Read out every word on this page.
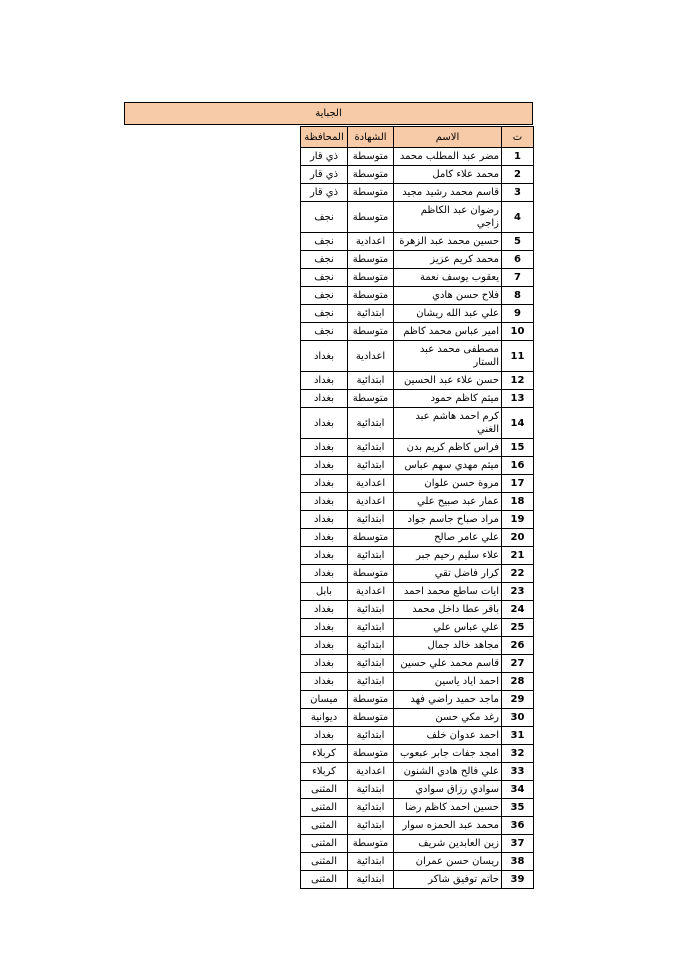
الجباية
ت	الاسم	الشهادة	المحافظة
1	مضر عبد المطلب محمد	متوسطة	ذي قار
2	محمد علاء كامل	متوسطة	ذي قار
3	قاسم محمد رشيد مجيد	متوسطة	ذي قار
4	رضوان عبد الكاظم زاجي	متوسطة	نجف
5	حسين محمد عبد الزهرة	اعدادية	نجف
6	محمد كريم عزيز	متوسطة	نجف
7	يعقوب يوسف نعمة	متوسطة	نجف
8	فلاح حسن هادي	متوسطة	نجف
9	علي عبد الله ريشان	ابتدائية	نجف
10	امير عباس محمد كاظم	متوسطة	نجف
11	مصطفى محمد عبد الستار	اعدادية	بغداد
12	حسن علاء عبد الحسين	ابتدائية	بغداد
13	ميثم كاظم حمود	متوسطة	بغداد
14	كرم احمد هاشم عبد الغني	ابتدائية	بغداد
15	فراس كاظم كريم بدن	ابتدائية	بغداد
16	ميثم مهدي سهم عباس	ابتدائية	بغداد
17	مروة حسن علوان	اعدادية	بغداد
18	عمار عبد صبيح علي	اعدادية	بغداد
19	مراد صباح جاسم جواد	ابتدائية	بغداد
20	علي عامر صالح	متوسطة	بغداد
21	علاء سليم رحيم جبر	ابتدائية	بغداد
22	كرار فاضل تقي	متوسطة	بغداد
23	ايات ساطع محمد احمد	اعدادية	بابل
24	باقر عطا داخل محمد	ابتدائية	بغداد
25	علي عباس علي	ابتدائية	بغداد
26	مجاهد خالد جمال	ابتدائية	بغداد
27	قاسم محمد علي حسين	ابتدائية	بغداد
28	احمد اياد ياسين	ابتدائية	بغداد
29	ماجد حميد راضي فهد	متوسطة	ميسان
30	رغد مكي حسن	متوسطة	ديوانية
31	احمد عدوان خلف	ابتدائية	بغداد
32	امجد جفات جابر عبعوب	متوسطة	كربلاء
33	علي فالح هادي الشنون	اعدادية	كربلاء
34	سوادي رزاق سوادي	ابتدائية	المثنى
35	حسين احمد كاظم رضا	ابتدائية	المثنى
36	محمد عبد الحمزه سوار	ابتدائية	المثنى
37	زين العابدين شريف	متوسطة	المثنى
38	ريسان حسن عمران	ابتدائية	المثنى
39	حاتم توفيق شاكر	ابتدائية	المثنى
